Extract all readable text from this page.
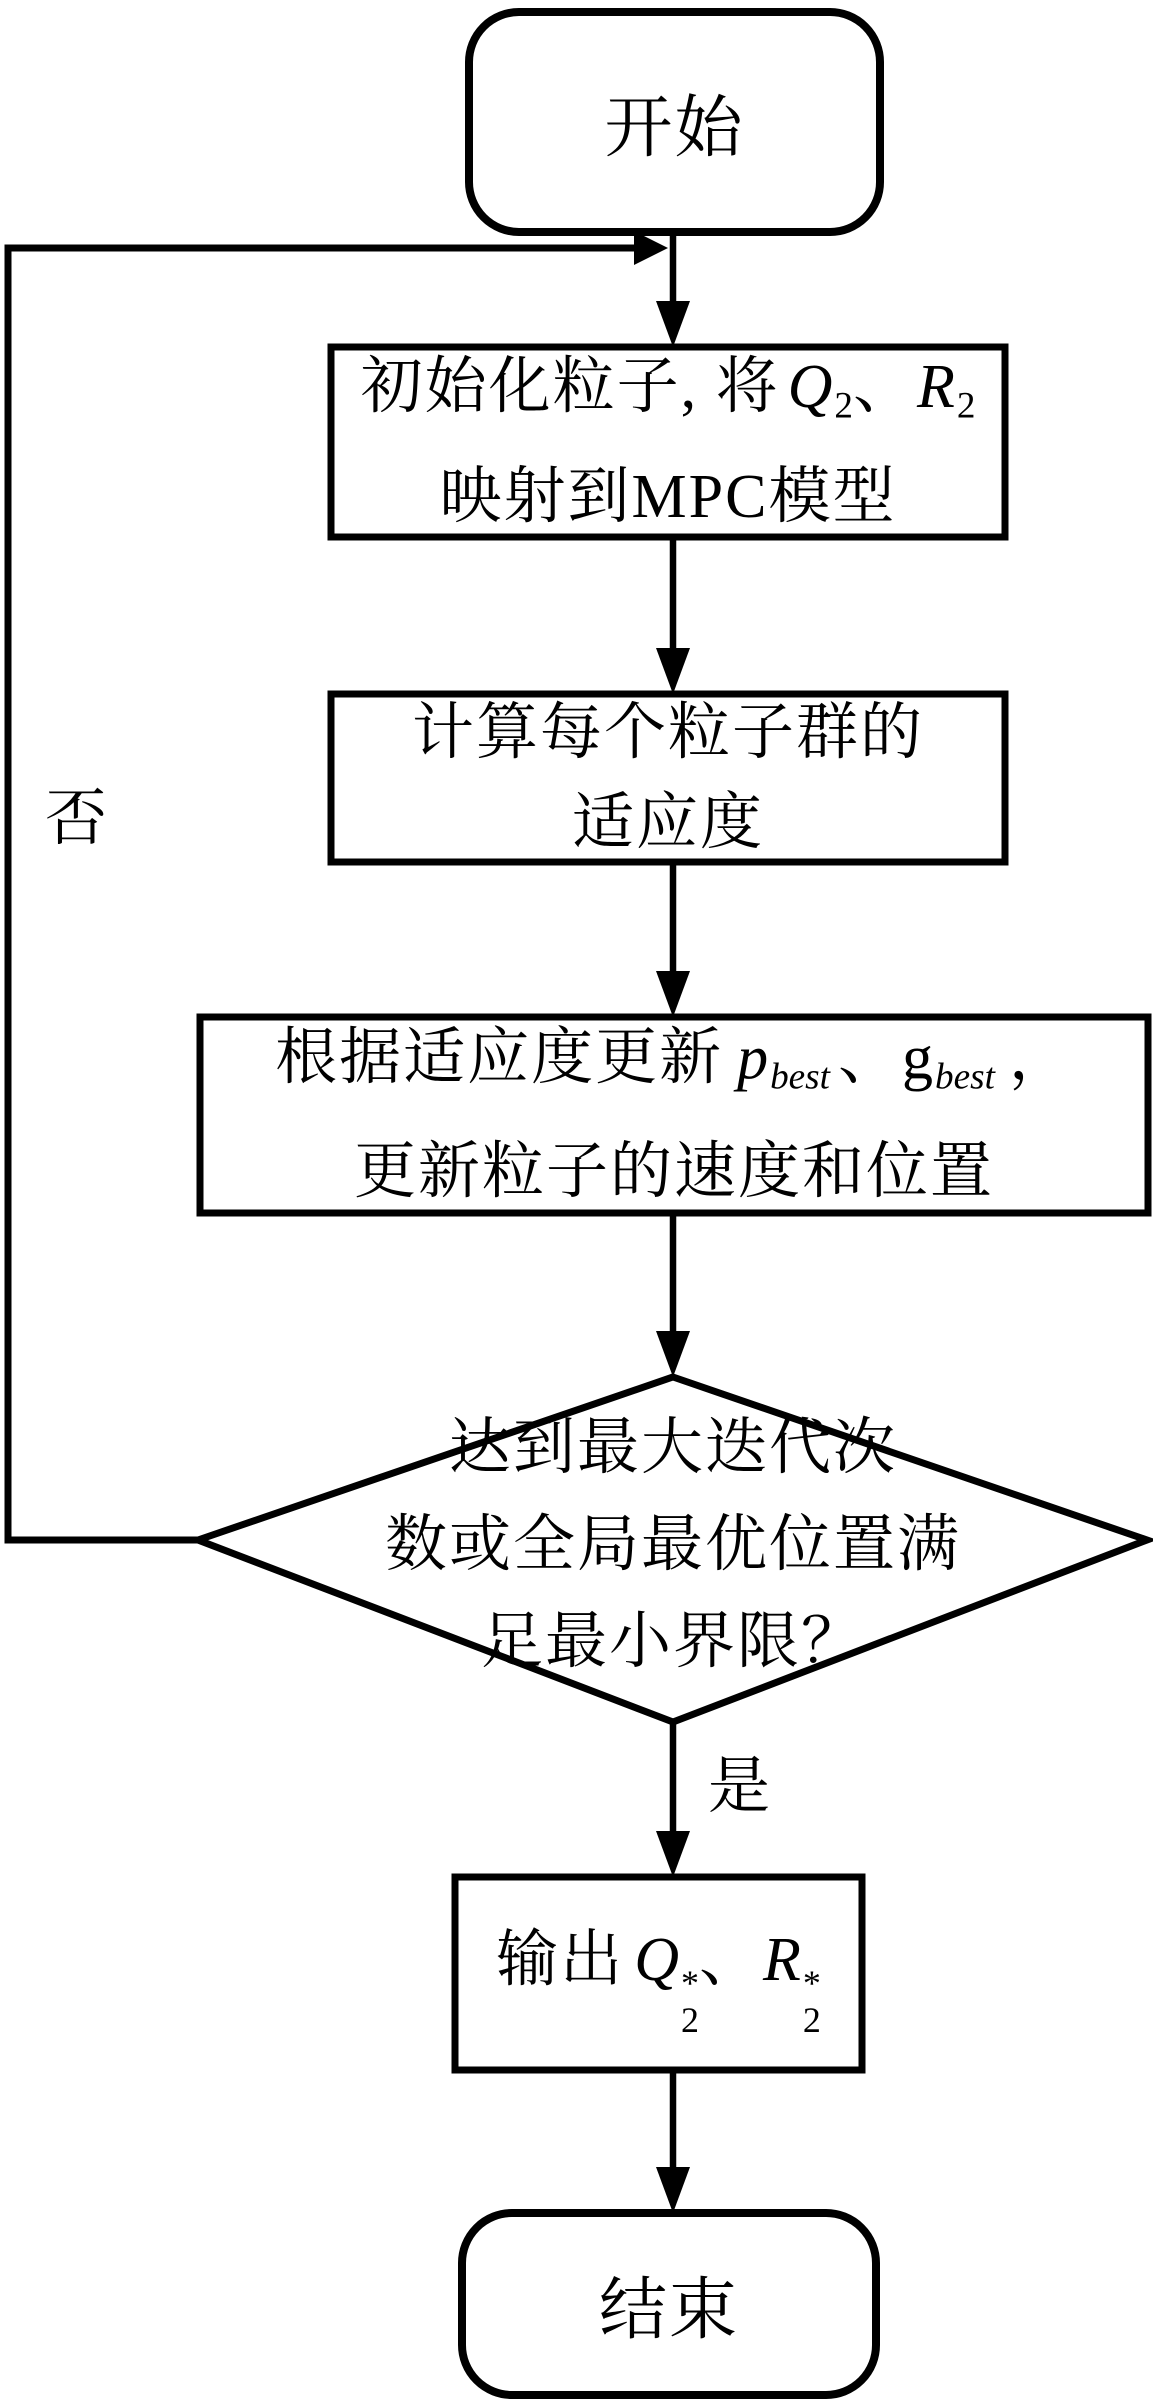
开始
初始化粒子, 将 Q2、R2
映射到MPC模型
计算每个粒子群的
适应度
根据适应度更新 pbest 、gbest ，
更新粒子的速度和位置
达到最大迭代次
数或全局最优位置满
足最小界限？
是
否
输出 Q *
2
、R *
2
结束
